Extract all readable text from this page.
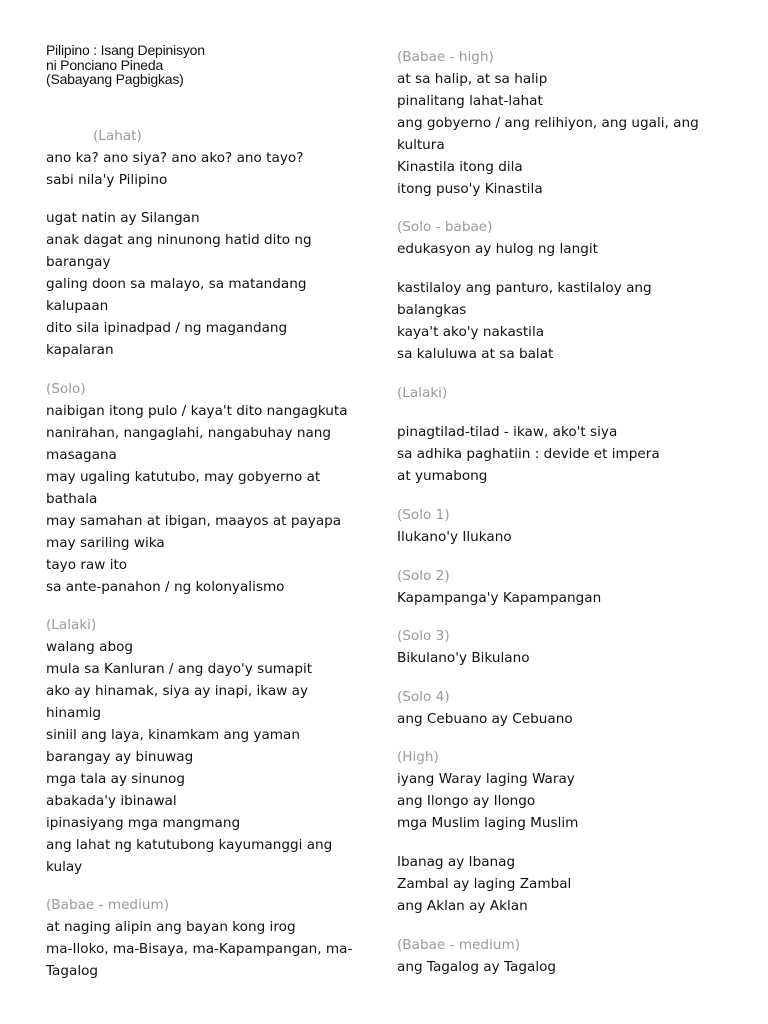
Pilipino : Isang Depinisyon
ni Ponciano Pineda
(Sabayang Pagbigkas)
(Lahat)
ano ka? ano siya? ano ako? ano tayo?
sabi nila'y Pilipino
ugat natin ay Silangan
anak dagat ang ninunong hatid dito ng
barangay
galing doon sa malayo, sa matandang
kalupaan
dito sila ipinadpad / ng magandang
kapalaran
(Solo)
naibigan itong pulo / kaya't dito nangagkuta
nanirahan, nangaglahi, nangabuhay nang
masagana
may ugaling katutubo, may gobyerno at
bathala
may samahan at ibigan, maayos at payapa
may sariling wika
tayo raw ito
sa ante-panahon / ng kolonyalismo
(Lalaki)
walang abog
mula sa Kanluran / ang dayo'y sumapit
ako ay hinamak, siya ay inapi, ikaw ay
hinamig
siniil ang laya, kinamkam ang yaman
barangay ay binuwag
mga tala ay sinunog
abakada'y ibinawal
ipinasiyang mga mangmang
ang lahat ng katutubong kayumanggi ang
kulay
(Babae - medium)
at naging alipin ang bayan kong irog
ma-Iloko, ma-Bisaya, ma-Kapampangan, ma-
Tagalog
(Babae - high)
at sa halip, at sa halip
pinalitang lahat-lahat
ang gobyerno / ang relihiyon, ang ugali, ang
kultura
Kinastila itong dila
itong puso'y Kinastila
(Solo - babae)
edukasyon ay hulog ng langit
kastilaloy ang panturo, kastilaloy ang
balangkas
kaya't ako'y nakastila
sa kaluluwa at sa balat
(Lalaki)
pinagtilad-tilad - ikaw, ako't siya
sa adhika paghatiin : devide et impera
at yumabong
(Solo 1)
Ilukano'y Ilukano
(Solo 2)
Kapampanga'y Kapampangan
(Solo 3)
Bikulano'y Bikulano
(Solo 4)
ang Cebuano ay Cebuano
(High)
iyang Waray laging Waray
ang Ilongo ay Ilongo
mga Muslim laging Muslim
Ibanag ay Ibanag
Zambal ay laging Zambal
ang Aklan ay Aklan
(Babae - medium)
ang Tagalog ay Tagalog
